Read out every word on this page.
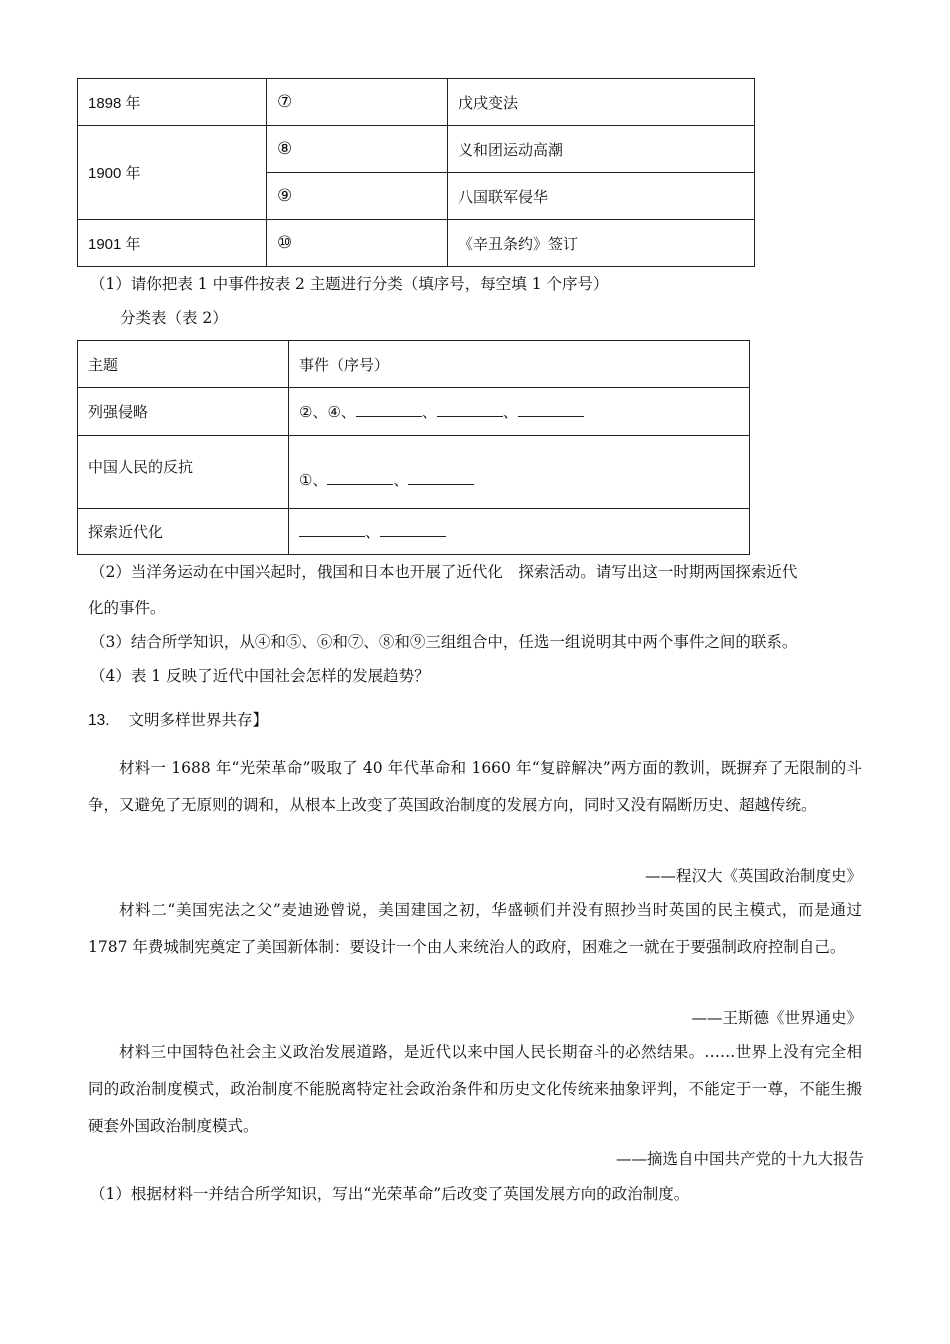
1898 年	⑦	戊戌变法
1900 年	⑧	义和团运动高潮
	⑨	八国联军侵华
1901 年	⑩	《辛丑条约》签订
（1）请你把表 1 中事件按表 2 主题进行分类（填序号，每空填 1 个序号）
分类表（表 2）
主题	事件（序号）
列强侵略	②、④、 、 、
中国人民的反抗	①、 、
探索近代化	、
（2）当洋务运动在中国兴起时，俄国和日本也开展了近代化　探索活动。请写出这一时期两国探索近代
化的事件。
（3）结合所学知识，从④和⑤、⑥和⑦、⑧和⑨三组组合中，任选一组说明其中两个事件之间的联系。
（4）表 1 反映了近代中国社会怎样的发展趋势？
13. 文明多样世界共存】
材料一 1688 年“光荣革命”吸取了 40 年代革命和 1660 年“复辟解决”两方面的教训，既摒弃了无限制的斗争，又避免了无原则的调和，从根本上改变了英国政治制度的发展方向，同时又没有隔断历史、超越传统。
——程汉大《英国政治制度史》
材料二“美国宪法之父”麦迪逊曾说，美国建国之初，华盛顿们并没有照抄当时英国的民主模式，而是通过 1787 年费城制宪奠定了美国新体制：要设计一个由人来统治人的政府，困难之一就在于要强制政府控制自己。
——王斯德《世界通史》
材料三中国特色社会主义政治发展道路，是近代以来中国人民长期奋斗的必然结果。……世界上没有完全相同的政治制度模式，政治制度不能脱离特定社会政治条件和历史文化传统来抽象评判，不能定于一尊，不能生搬硬套外国政治制度模式。
——摘选自中国共产党的十九大报告
（1）根据材料一并结合所学知识，写出“光荣革命”后改变了英国发展方向的政治制度。
